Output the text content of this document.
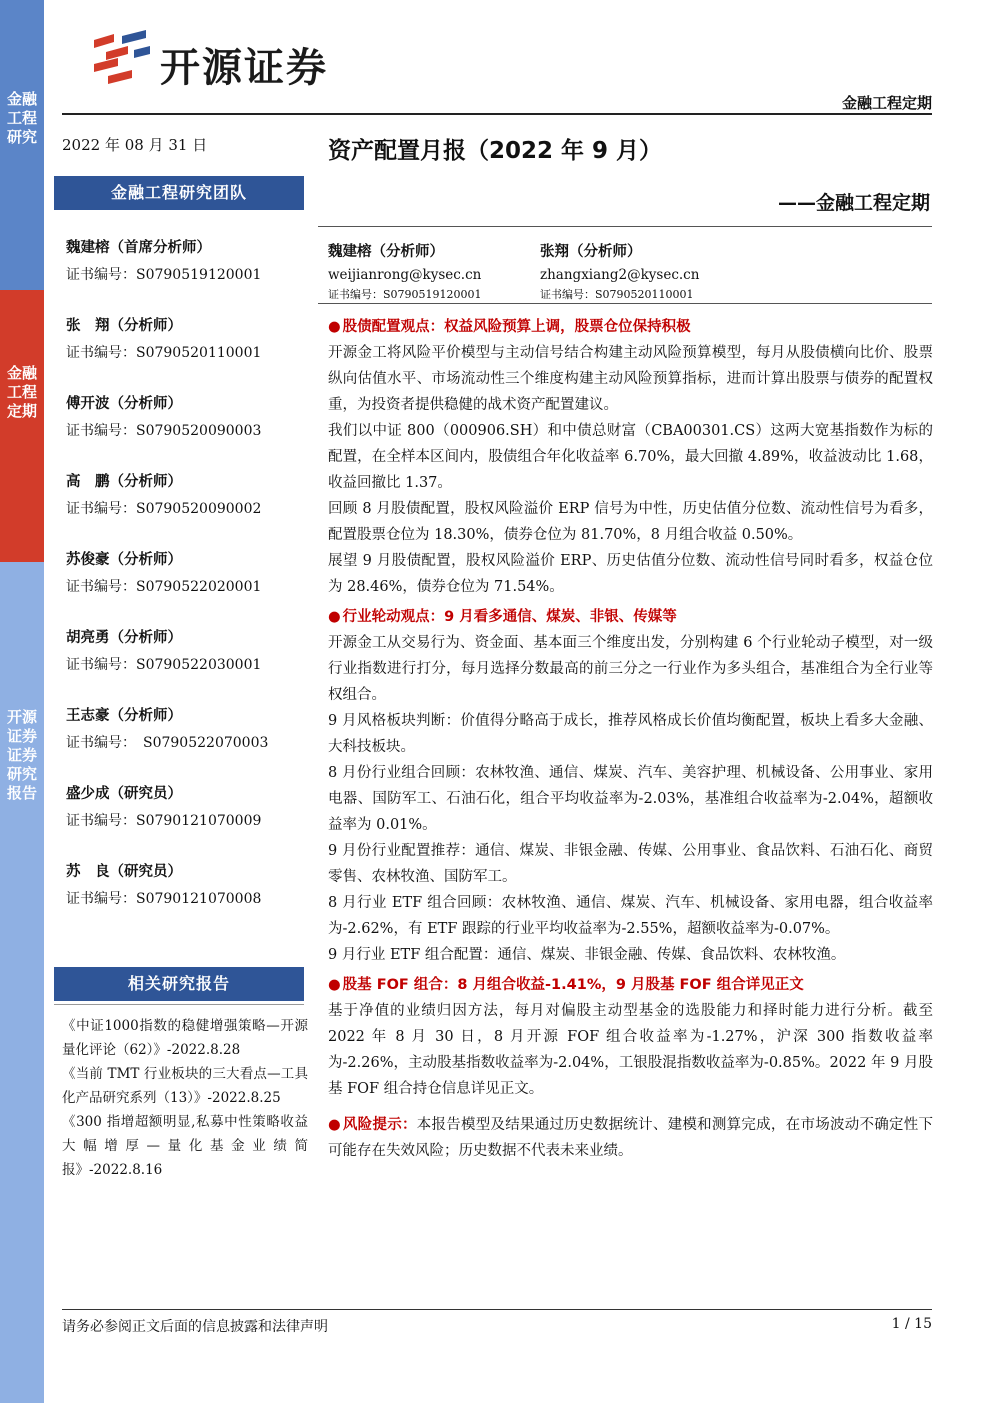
金融工程研究
金融工程定期
开源证券 证券研究报告
开源证券
金融工程定期
2022 年 08 月 31 日
金融工程研究团队
魏建榕（首席分析师）
证书编号：S0790519120001
张　翔（分析师）
证书编号：S0790520110001
傅开波（分析师）
证书编号：S0790520090003
高　鹏（分析师）
证书编号：S0790520090002
苏俊豪（分析师）
证书编号：S0790522020001
胡亮勇（分析师）
证书编号：S0790522030001
王志豪（分析师）
证书编号：　S0790522070003
盛少成（研究员）
证书编号：S0790121070009
苏　良（研究员）
证书编号：S0790121070008
相关研究报告
《中证1000指数的稳健增强策略—开源量化评论（62）》-2022.8.28
《当前 TMT 行业板块的三大看点—工具化产品研究系列（13）》-2022.8.25
《300 指增超额明显,私募中性策略收益大幅增厚—量化基金业绩简报》-2022.8.16
资产配置月报（2022 年 9 月）
——金融工程定期
魏建榕（分析师）
weijianrong@kysec.cn
证书编号：S0790519120001
张翔（分析师）
zhangxiang2@kysec.cn
证书编号：S0790520110001
● 股债配置观点：权益风险预算上调，股票仓位保持积极

开源金工将风险平价模型与主动信号结合构建主动风险预算模型，每月从股债横向比价、股票纵向估值水平、市场流动性三个维度构建主动风险预算指标，进而计算出股票与债券的配置权重，为投资者提供稳健的战术资产配置建议。

我们以中证 800（000906.SH）和中债总财富（CBA00301.CS）这两大宽基指数作为标的配置，在全样本区间内，股债组合年化收益率 6.70%，最大回撤 4.89%，收益波动比 1.68，收益回撤比 1.37。

回顾 8 月股债配置，股权风险溢价 ERP 信号为中性，历史估值分位数、流动性信号为看多，配置股票仓位为 18.30%，债券仓位为 81.70%，8 月组合收益 0.50%。

展望 9 月股债配置，股权风险溢价 ERP、历史估值分位数、流动性信号同时看多，权益仓位为 28.46%，债券仓位为 71.54%。

● 行业轮动观点：9 月看多通信、煤炭、非银、传媒等

开源金工从交易行为、资金面、基本面三个维度出发，分别构建 6 个行业轮动子模型，对一级行业指数进行打分，每月选择分数最高的前三分之一行业作为多头组合，基准组合为全行业等权组合。

9 月风格板块判断：价值得分略高于成长，推荐风格成长价值均衡配置，板块上看多大金融、大科技板块。

8 月份行业组合回顾：农林牧渔、通信、煤炭、汽车、美容护理、机械设备、公用事业、家用电器、国防军工、石油石化，组合平均收益率为-2.03%，基准组合收益率为-2.04%，超额收益率为 0.01%。

9 月份行业配置推荐：通信、煤炭、非银金融、传媒、公用事业、食品饮料、石油石化、商贸零售、农林牧渔、国防军工。

8 月行业 ETF 组合回顾：农林牧渔、通信、煤炭、汽车、机械设备、家用电器，组合收益率为-2.62%，有 ETF 跟踪的行业平均收益率为-2.55%，超额收益率为-0.07%。

9 月行业 ETF 组合配置：通信、煤炭、非银金融、传媒、食品饮料、农林牧渔。

● 股基 FOF 组合：8 月组合收益-1.41%，9 月股基 FOF 组合详见正文

基于净值的业绩归因方法，每月对偏股主动型基金的选股能力和择时能力进行分析。截至 2022 年 8 月 30 日，8 月开源 FOF 组合收益率为-1.27%，沪深 300 指数收益率为-2.26%，主动股基指数收益率为-2.04%，工银股混指数收益率为-0.85%。2022 年 9 月股基 FOF 组合持仓信息详见正文。

● 风险提示：本报告模型及结果通过历史数据统计、建模和测算完成，在市场波动不确定性下可能存在失效风险；历史数据不代表未来业绩。
请务必参阅正文后面的信息披露和法律声明	1 / 15
